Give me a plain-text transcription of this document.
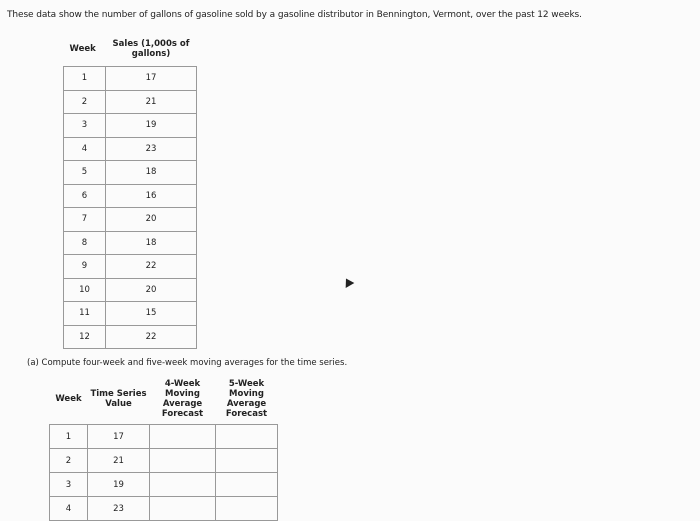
These data show the number of gallons of gasoline sold by a gasoline distributor in Bennington, Vermont, over the past 12 weeks.
Week	Sales (1,000s of gallons)
1	17
2	21
3	19
4	23
5	18
6	16
7	20
8	18
9	22
10	20
11	15
12	22
(a) Compute four-week and five-week moving averages for the time series.
Week	Time Series Value	4-Week Moving Average Forecast	5-Week Moving Average Forecast
1	17		
2	21		
3	19		
4	23		
